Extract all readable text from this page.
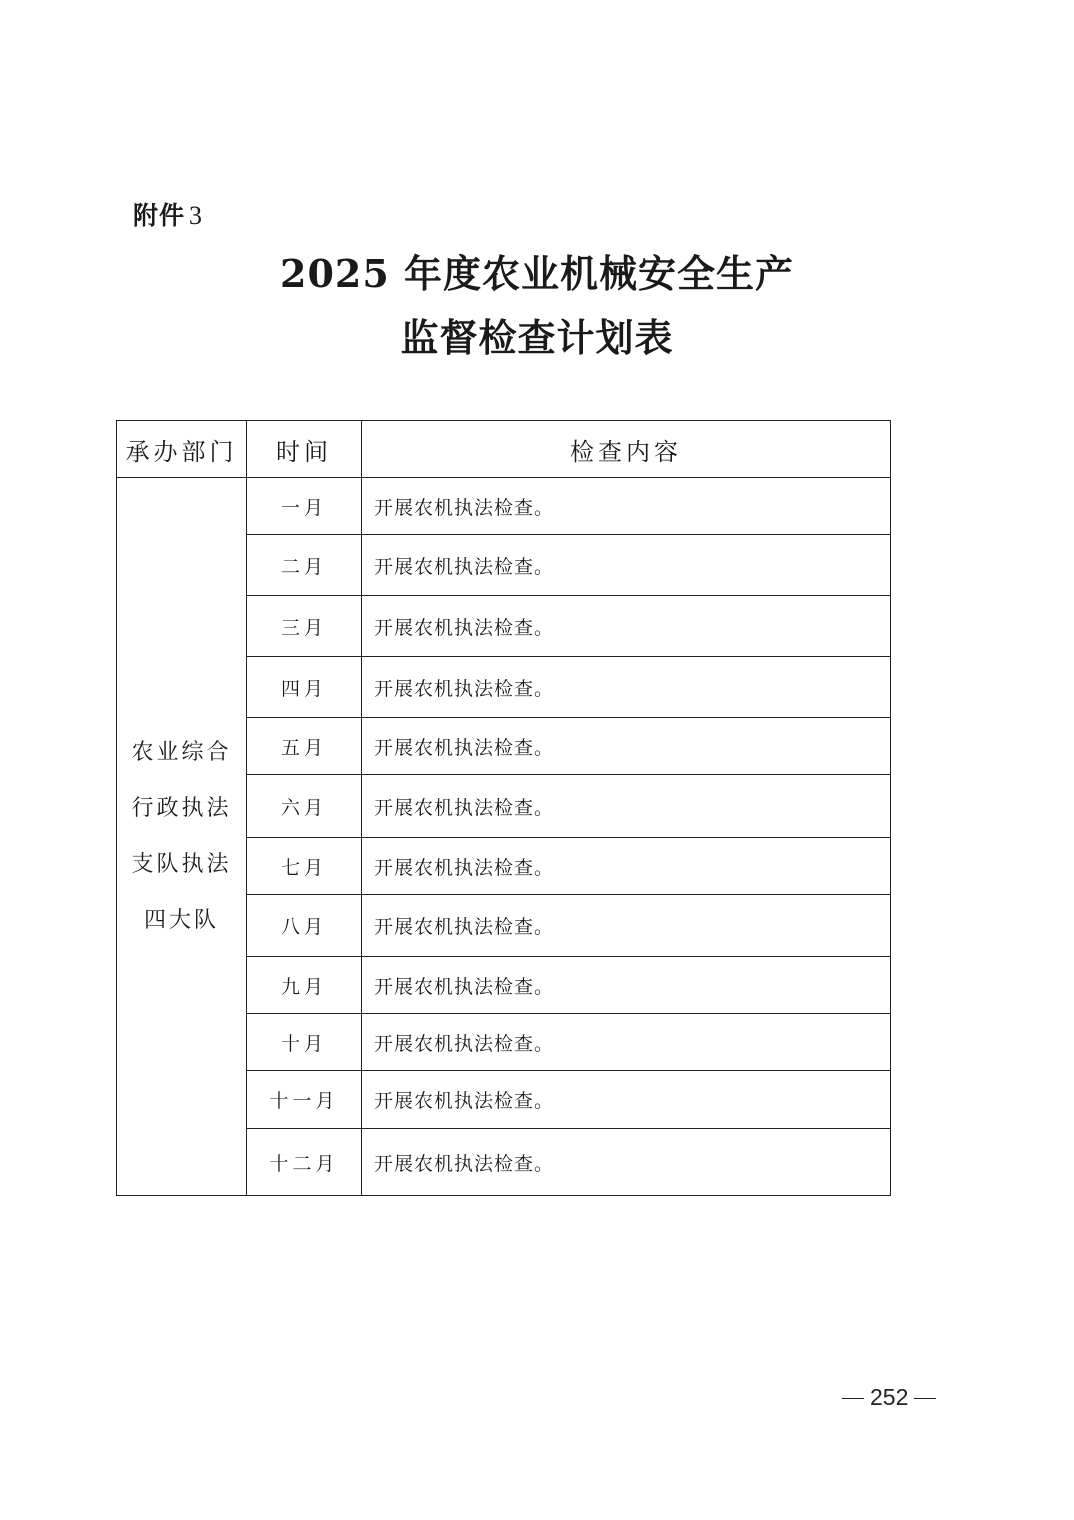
附件 3
2025 年度农业机械安全生产
监督检查计划表
承办部门	时间	检查内容

农业综合
行政执法
支队执法
四大队	一月	开展农机执法检查。
	二月	开展农机执法检查。
	三月	开展农机执法检查。
	四月	开展农机执法检查。
	五月	开展农机执法检查。
	六月	开展农机执法检查。
	七月	开展农机执法检查。
	八月	开展农机执法检查。
	九月	开展农机执法检查。
	十月	开展农机执法检查。
	十一月	开展农机执法检查。
	十二月	开展农机执法检查。
252
